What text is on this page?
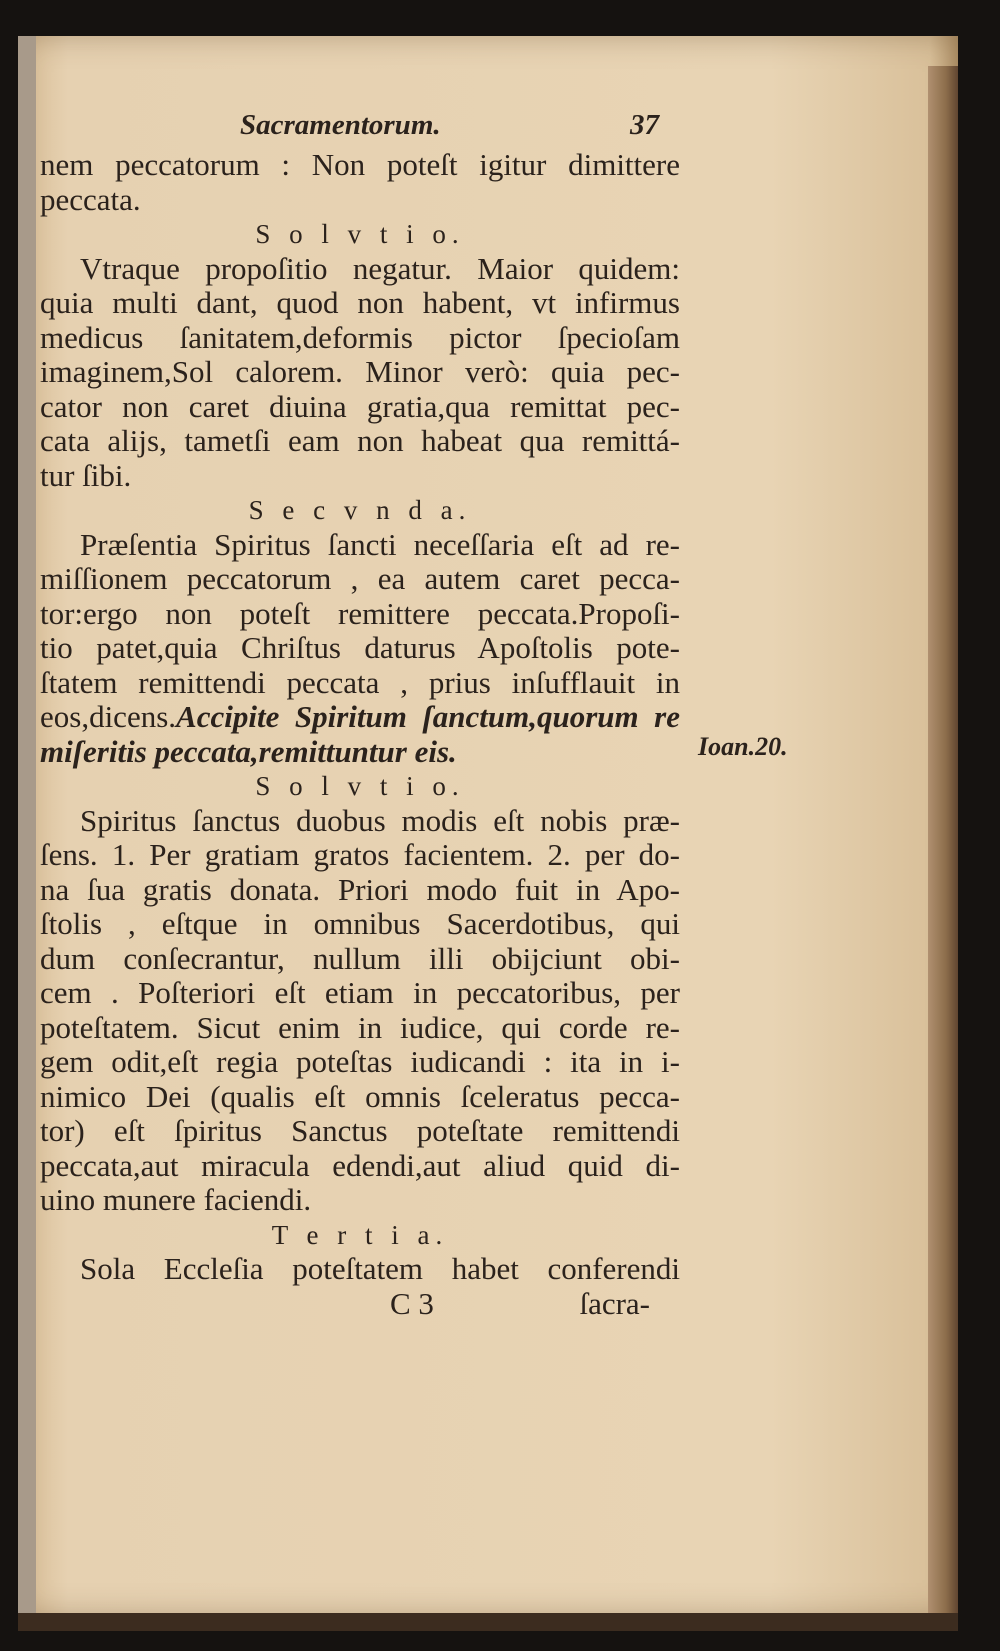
Sacramentorum.	37
nem peccatorum : Non poteſt igitur dimittere
peccata.
S o l v t i o.
Vtraque propoſitio negatur. Maior quidem:
quia multi dant, quod non habent, vt infirmus
medicus ſanitatem,deformis pictor ſpecioſam
imaginem,Sol calorem. Minor verò: quia pec-
cator non caret diuina gratia,qua remittat pec-
cata alijs, tametſi eam non habeat qua remittá-
tur ſibi.
S e c v n d a.
Præſentia Spiritus ſancti neceſſaria eſt ad re-
miſſionem peccatorum , ea autem caret pecca-
tor:ergo non poteſt remittere peccata.Propoſi-
tio patet,quia Chriſtus daturus Apoſtolis pote-
ſtatem remittendi peccata , prius inſufflauit in
eos,dicens.Accipite Spiritum ſanctum,quorum re
miſeritis peccata,remittuntur eis.
S o l v t i o.
Spiritus ſanctus duobus modis eſt nobis præ-
ſens. 1. Per gratiam gratos facientem. 2. per do-
na ſua gratis donata. Priori modo fuit in Apo-
ſtolis , eſtque in omnibus Sacerdotibus, qui
dum conſecrantur, nullum illi obijciunt obi-
cem . Poſteriori eſt etiam in peccatoribus, per
poteſtatem. Sicut enim in iudice, qui corde re-
gem odit,eſt regia poteſtas iudicandi : ita in i-
nimico Dei (qualis eſt omnis ſceleratus pecca-
tor) eſt ſpiritus Sanctus poteſtate remittendi
peccata,aut miracula edendi,aut aliud quid di-
uino munere faciendi.
T e r t i a.
Sola Eccleſia poteſtatem habet conferendi
C 3	ſacra-
Ioan.20.
